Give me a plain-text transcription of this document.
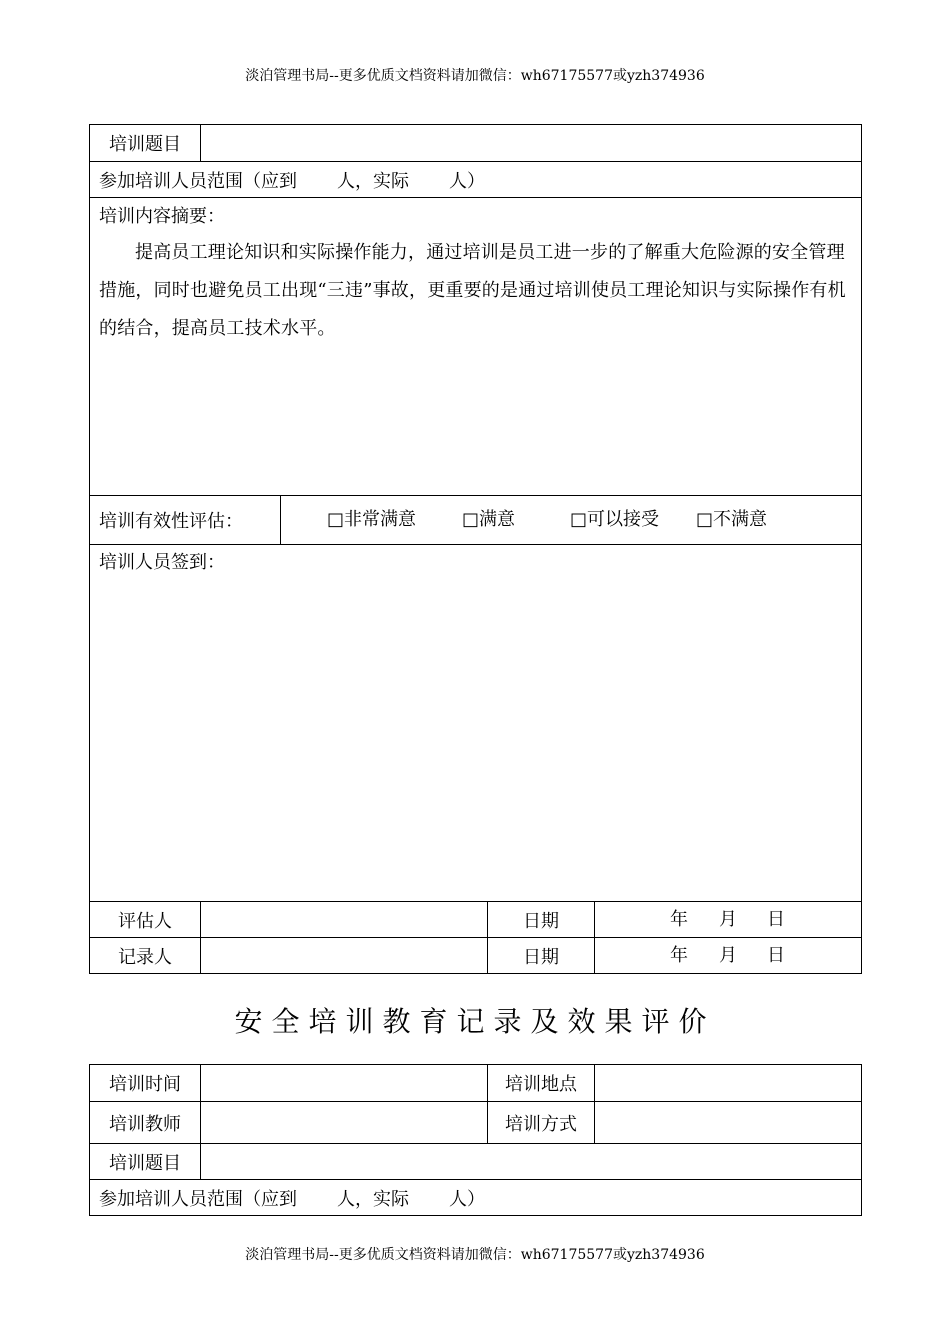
淡泊管理书局--更多优质文档资料请加微信：wh67175577或yzh374936
培训题目				
参加培训人员范围（应到 人，实际 人）				

培训内容摘要：
提高员工理论知识和实际操作能力，通过培训是员工进一步的了解重大危险源的安全管理措施，同时也避免员工出现“三违”事故，更重要的是通过培训使员工理论知识与实际操作有机的结合，提高员工技术水平。				

培训有效性评估：		□非常满意 □满意 □可以接受 □不满意		

培训人员签到：				

评估人			日期	年 月 日

记录人			日期	年 月 日
安全培训教育记录及效果评价
培训时间		培训地点	
培训教师		培训方式	
培训题目			
参加培训人员范围（应到 人，实际 人）			
淡泊管理书局--更多优质文档资料请加微信：wh67175577或yzh374936
